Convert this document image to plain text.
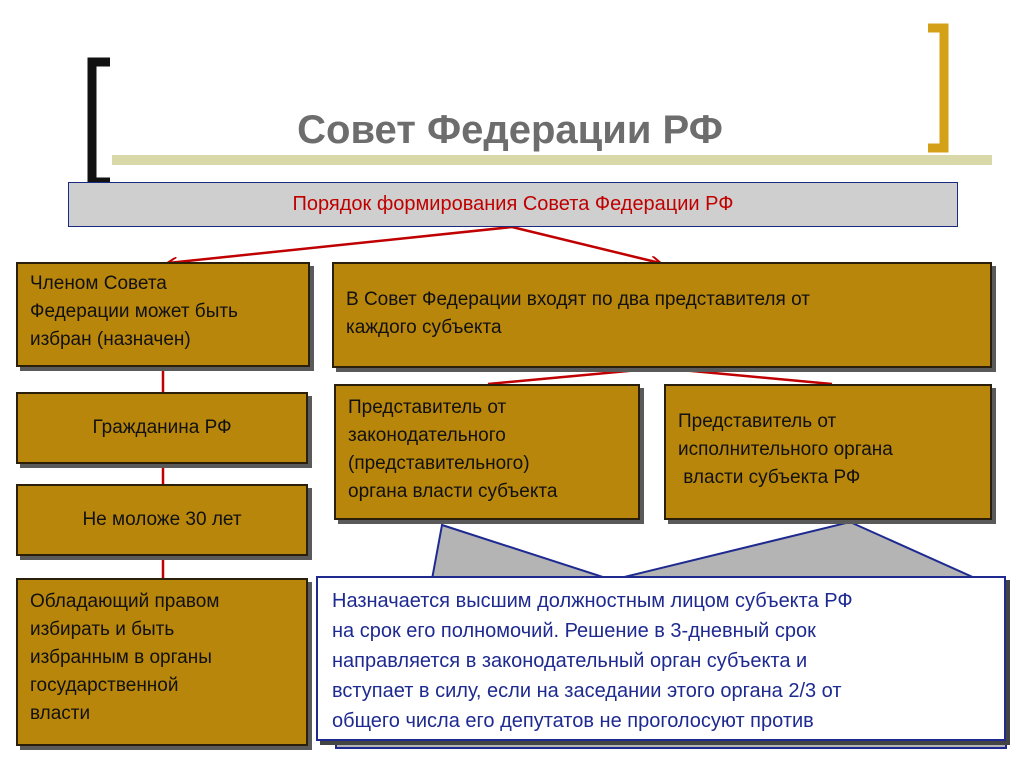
Совет Федерации РФ
Порядок формирования Совета Федерации РФ
Членом Совета
Федерации может быть
избран (назначен)
Гражданина РФ
Не моложе 30 лет
Обладающий правом
избирать и быть
избранным в органы
государственной
власти
В Совет Федерации входят по два представителя от
каждого субъекта
Представитель от
законодательного
(представительного)
органа власти субъекта
Представитель от
исполнительного органа
власти субъекта РФ
Назначается высшим должностным лицом субъекта РФ
на срок его полномочий. Решение в 3-дневный срок
направляется в законодательный орган субъекта и
вступает в силу, если на заседании этого органа 2/3 от
общего числа его депутатов не проголосуют против
